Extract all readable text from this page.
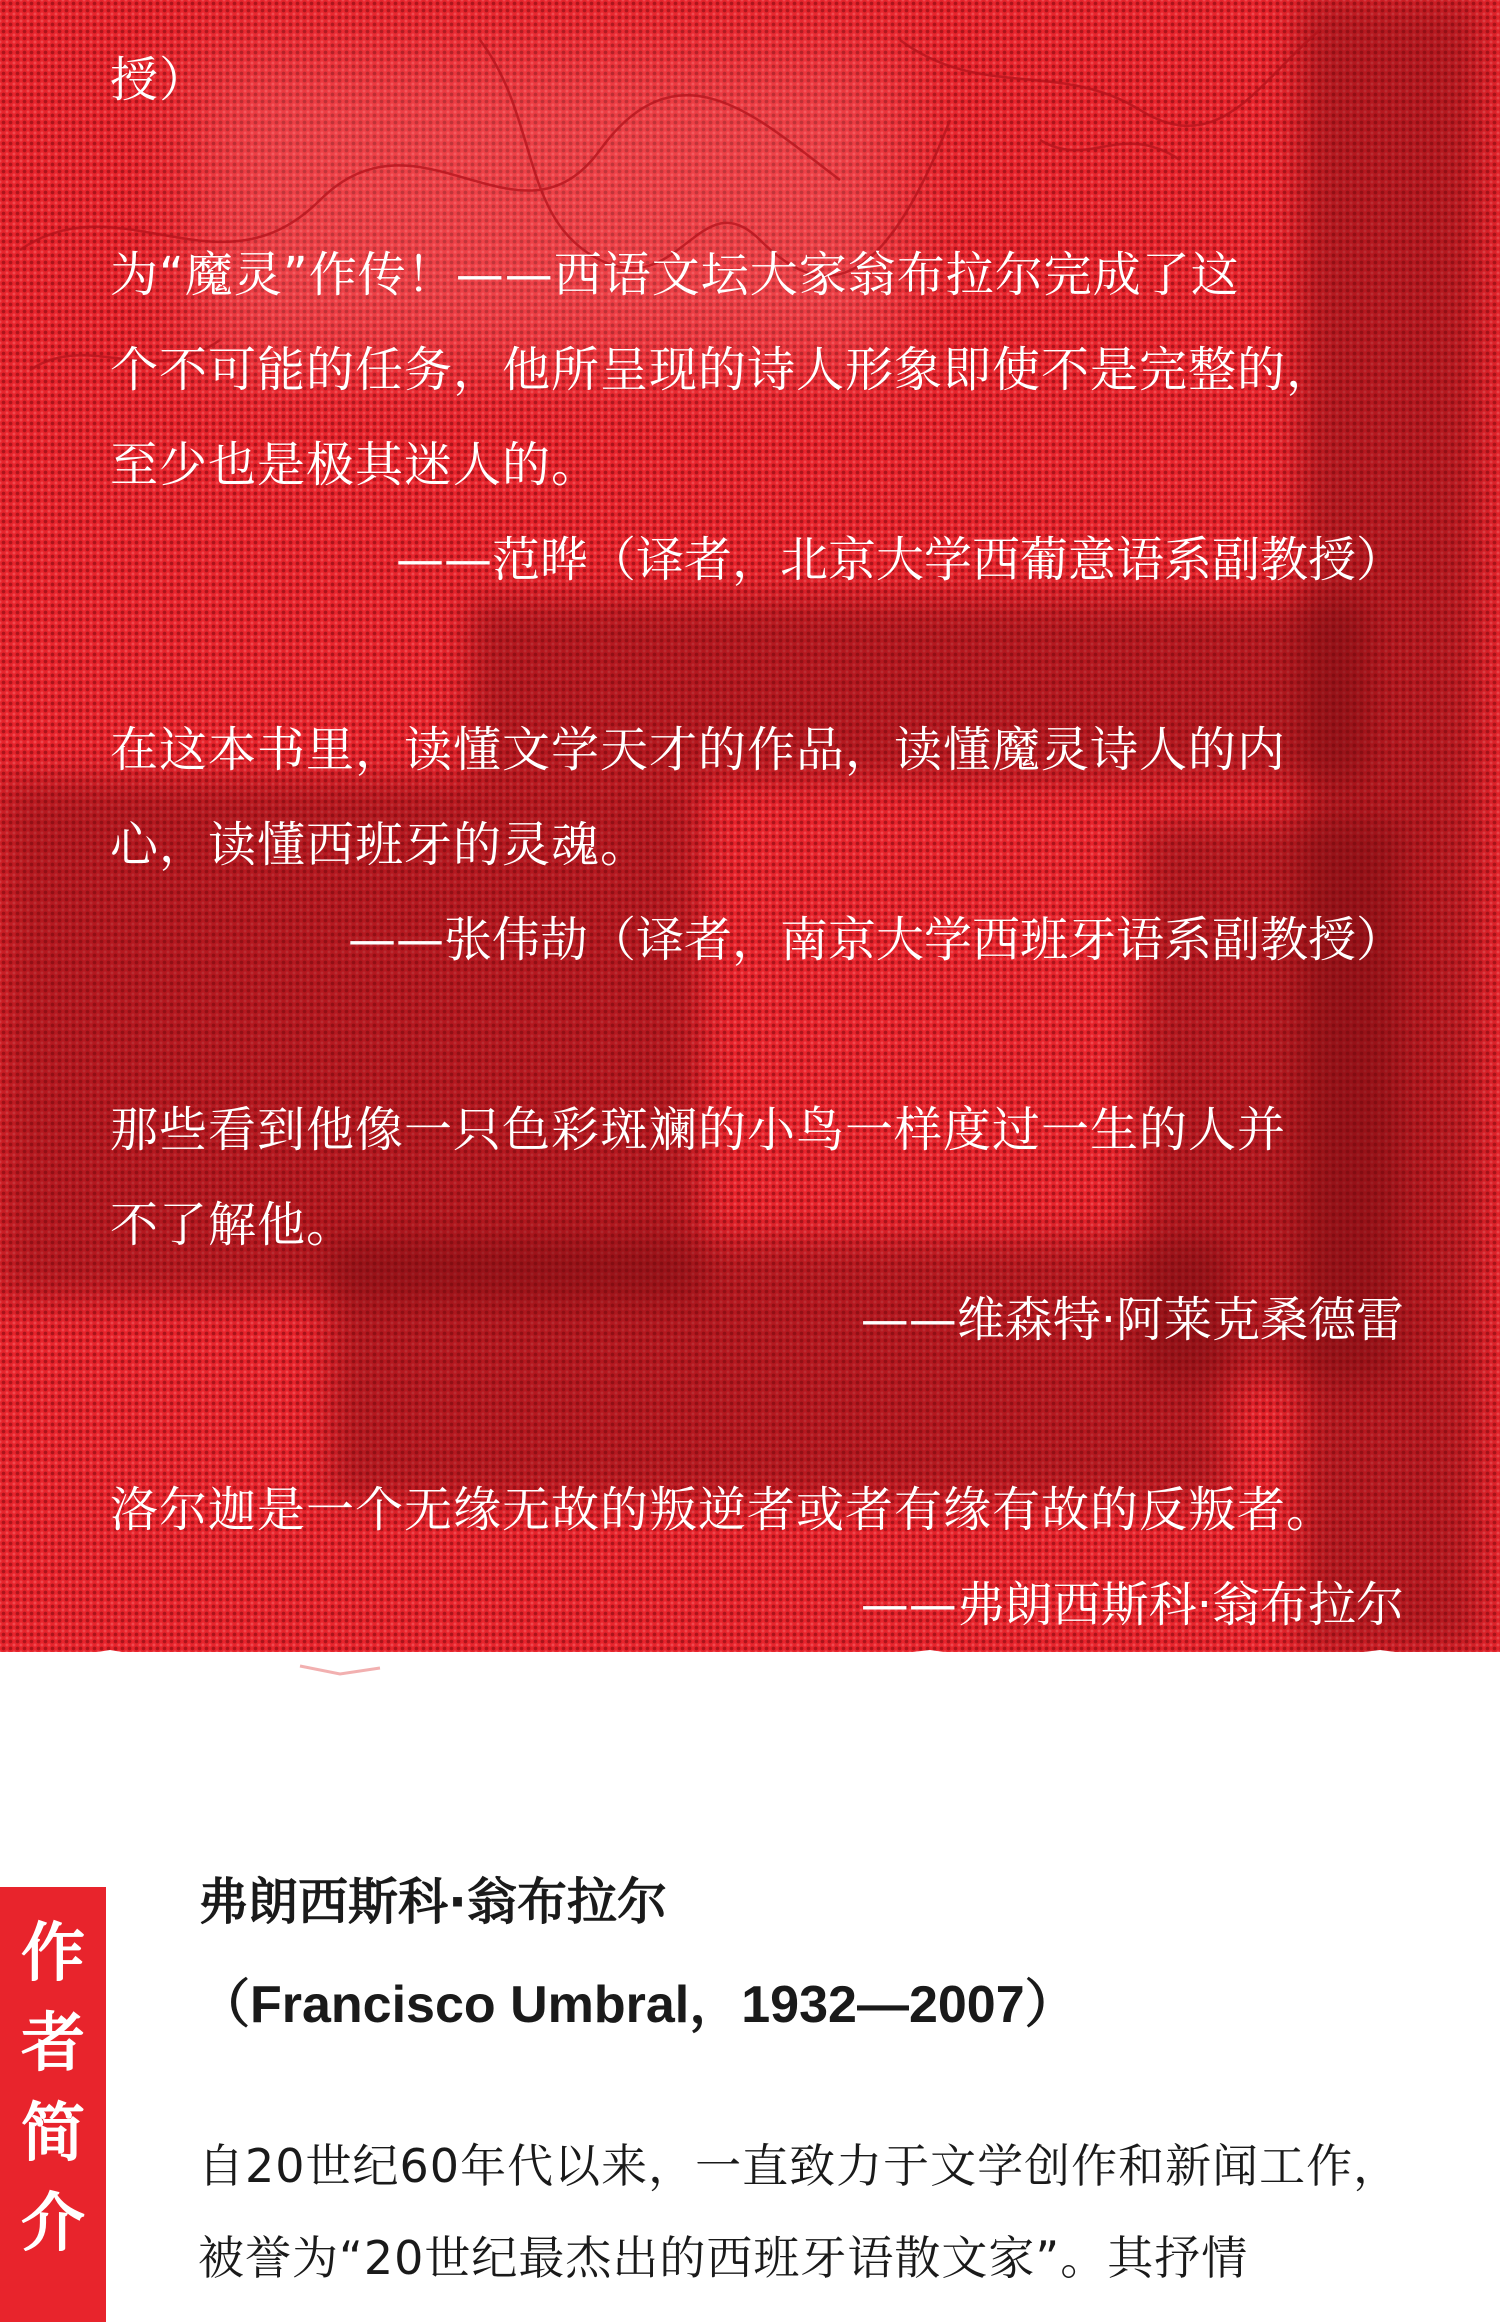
授）

为“魔灵”作传！——西语文坛大家翁布拉尔完成了这

个不可能的任务，他所呈现的诗人形象即使不是完整的，

至少也是极其迷人的。

——范晔（译者，北京大学西葡意语系副教授）

在这本书里，读懂文学天才的作品，读懂魔灵诗人的内

心，读懂西班牙的灵魂。

——张伟劼（译者，南京大学西班牙语系副教授）

那些看到他像一只色彩斑斓的小鸟一样度过一生的人并

不了解他。

——维森特·阿莱克桑德雷

洛尔迦是一个无缘无故的叛逆者或者有缘有故的反叛者。

——弗朗西斯科·翁布拉尔

作
者
简
介

弗朗西斯科·翁布拉尔

（Francisco Umbral，1932—2007）

自20世纪60年代以来，一直致力于文学创作和新闻工作，

被誉为“20世纪最杰出的西班牙语散文家”。其抒情
